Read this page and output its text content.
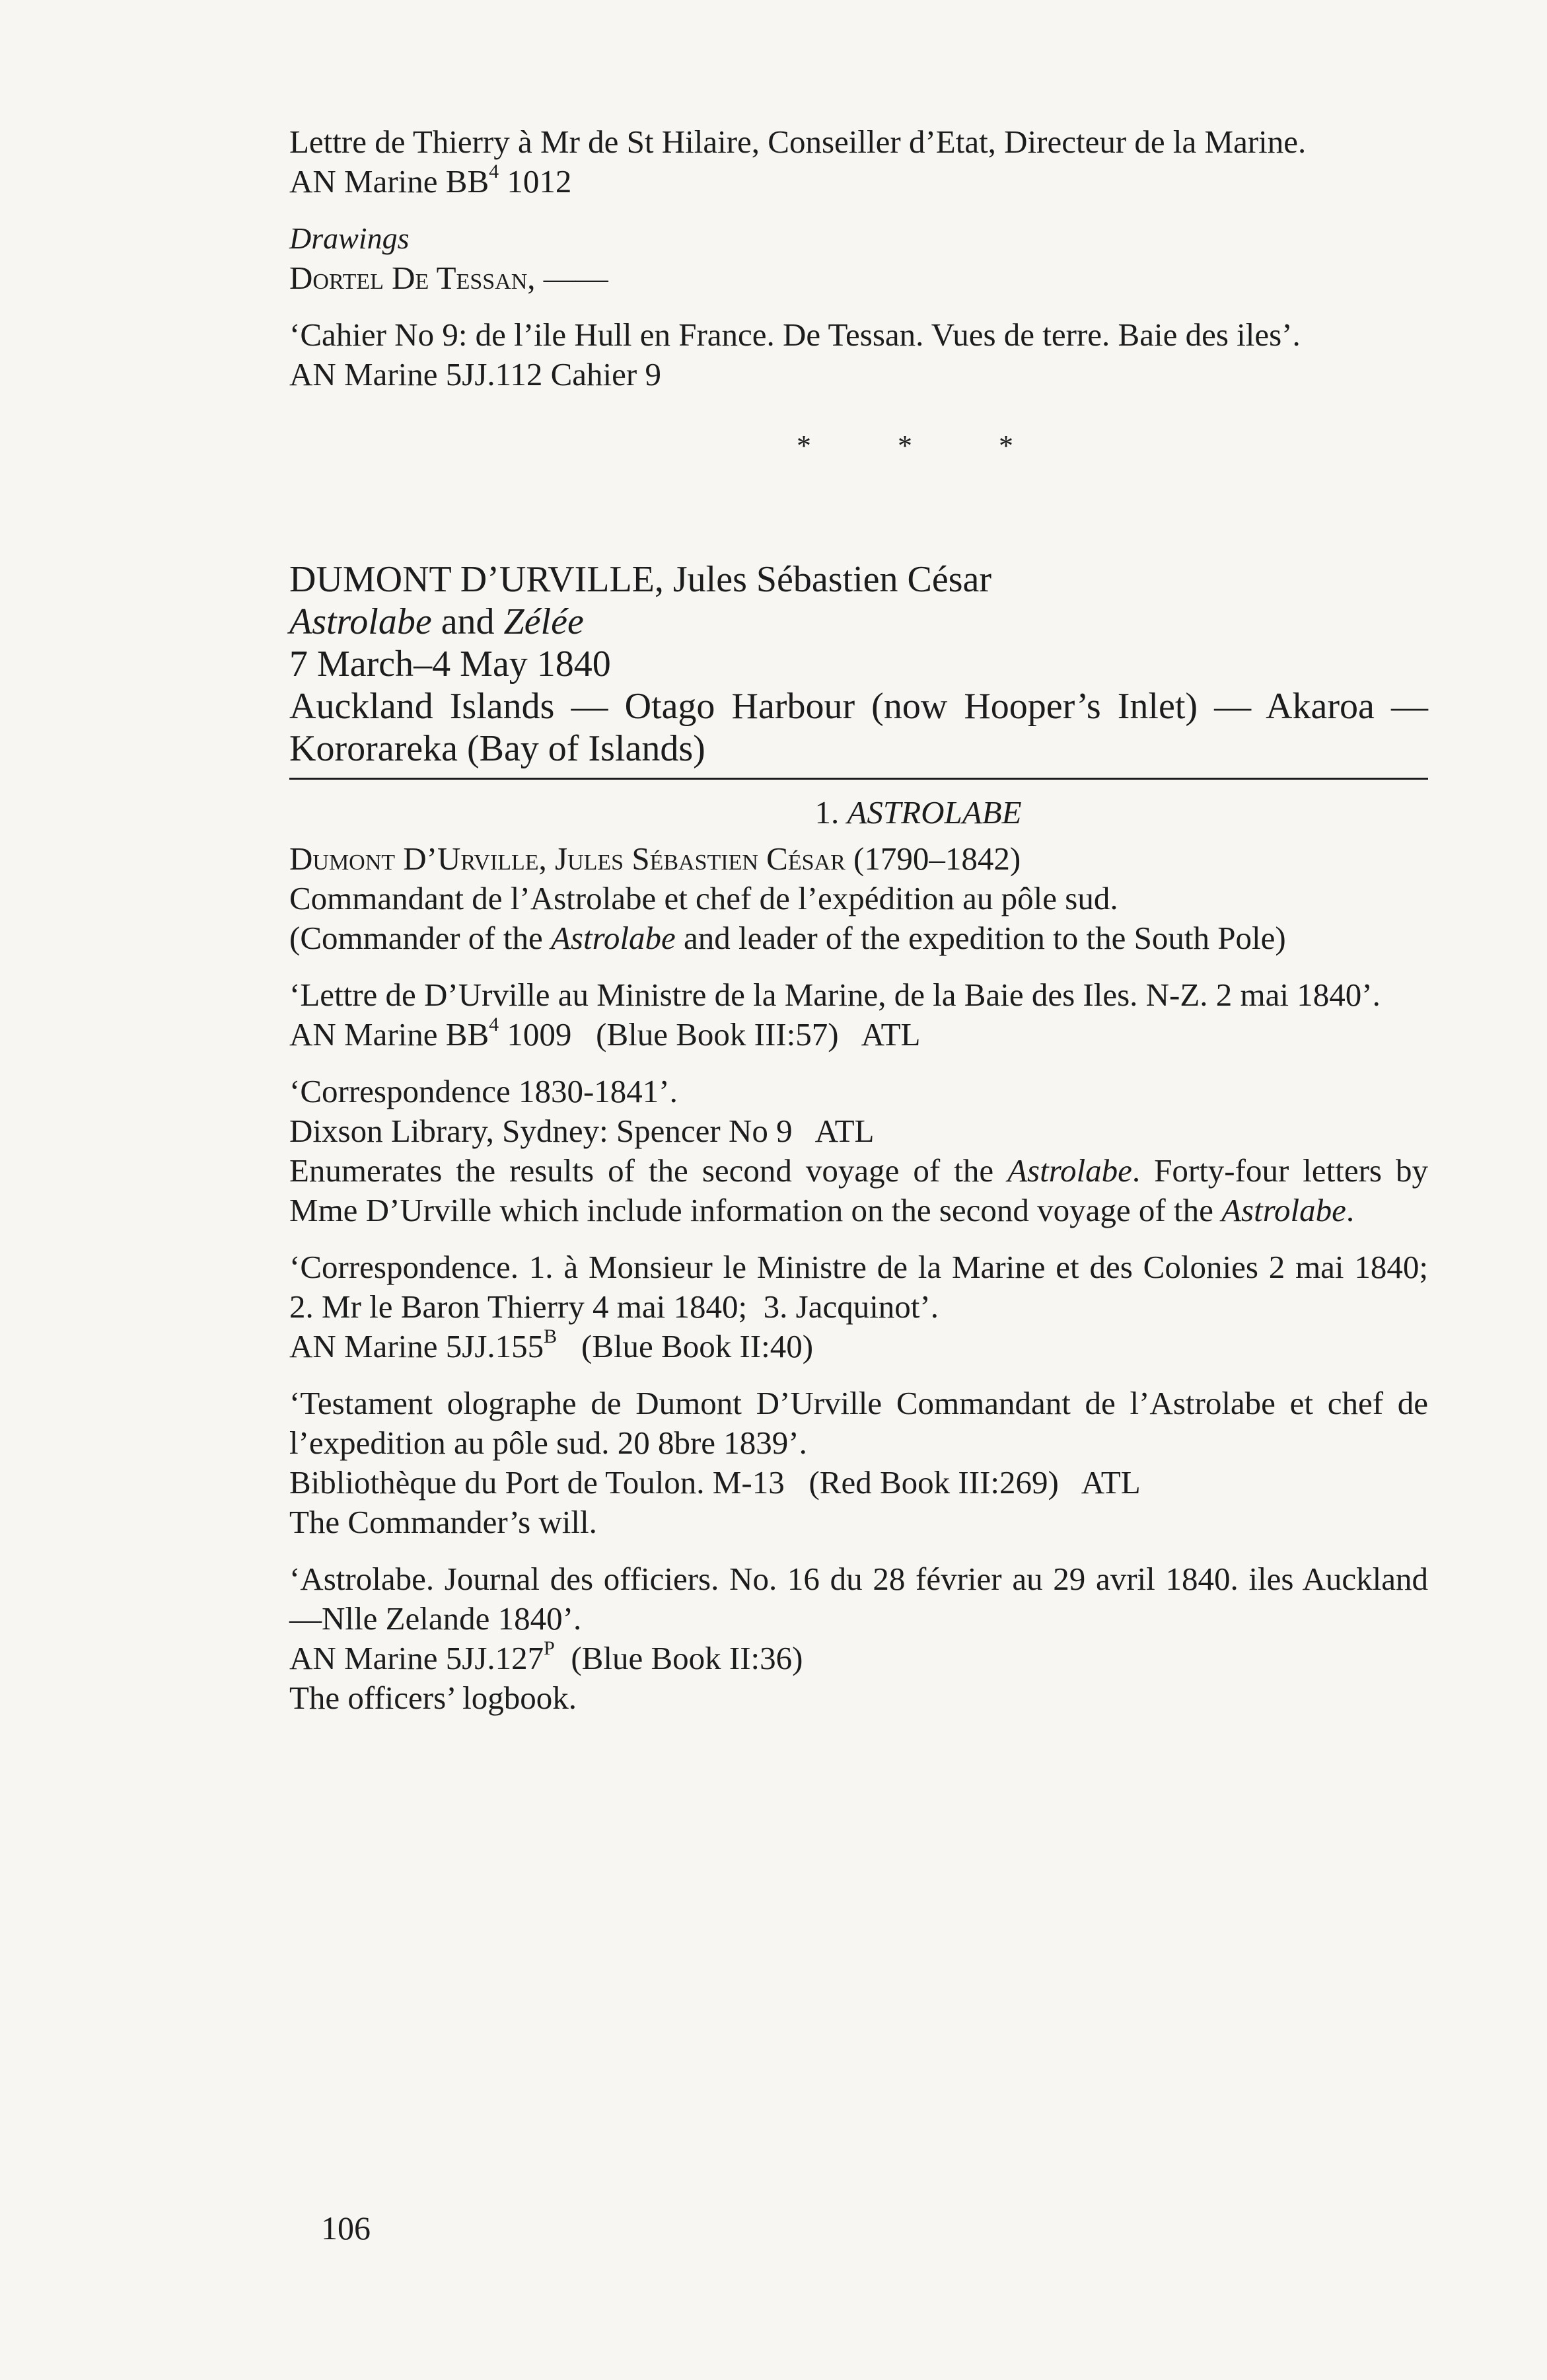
Lettre de Thierry à Mr de St Hilaire, Conseiller d’Etat, Directeur de la Marine.

AN Marine $BB^4$ 1012

Drawings

Dortel De Tessan, ——

‘Cahier No 9: de l’ile Hull en France. De Tessan. Vues de terre. Baie des iles’.

AN Marine 5JJ.112 Cahier 9

* * *

DUMONT D’URVILLE, Jules Sébastien César

Astrolabe and Zélée

7 March–4 May 1840

Auckland Islands — Otago Harbour (now Hooper’s Inlet) — Akaroa — Kororareka (Bay of Islands)

1. ASTROLABE

Dumont D’Urville, Jules Sébastien César (1790–1842)

Commandant de l’Astrolabe et chef de l’expédition au pôle sud.

(Commander of the Astrolabe and leader of the expedition to the South Pole)

‘Lettre de D’Urville au Ministre de la Marine, de la Baie des Iles. N-Z. 2 mai 1840’.

AN Marine $BB^4$ 1009   (Blue Book III:57)   ATL

‘Correspondence 1830-1841’.

Dixson Library, Sydney: Spencer No 9   ATL

Enumerates the results of the second voyage of the Astrolabe. Forty-four letters by Mme D’Urville which include information on the second voyage of the Astrolabe.

‘Correspondence. 1. à Monsieur le Ministre de la Marine et des Colonies 2 mai 1840;  2. Mr le Baron Thierry 4 mai 1840;  3. Jacquinot’.

AN Marine $5JJ.155^B$   (Blue Book II:40)

‘Testament olographe de Dumont D’Urville Commandant de l’Astrolabe et chef de l’expedition au pôle sud. 20 8bre 1839’.

Bibliothèque du Port de Toulon. M-13   (Red Book III:269)   ATL

The Commander’s will.

‘Astrolabe. Journal des officiers. No. 16 du 28 février au 29 avril 1840. iles Auckland—Nlle Zelande 1840’.

AN Marine $5JJ.127^P$  (Blue Book II:36)

The officers’ logbook.

106
